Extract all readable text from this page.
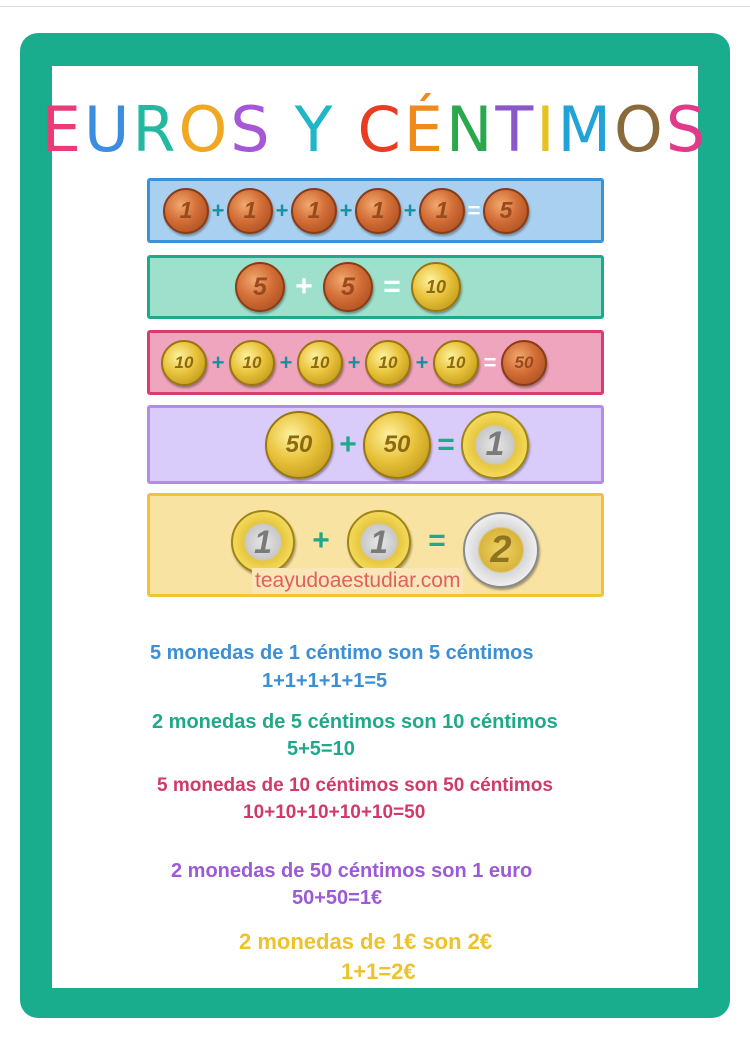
EUROS Y CÉNTIMOS
1 + 1 + 1 + 1 + 1 = 5
5 +	5 =	10
10 +	10 +	10 +	10 +	10 =	50
50 +	50 = 1
1	+	1	=	2
teayudoaestudiar.com
5 monedas de 1 céntimo son 5 céntimos
1+1+1+1+1=5
2 monedas de 5 céntimos son 10 céntimos
5+5=10
5 monedas de 10 céntimos son 50 céntimos
10+10+10+10+10=50
2 monedas de 50 céntimos son 1 euro
50+50=1€
2 monedas de 1€ son 2€
1+1=2€
